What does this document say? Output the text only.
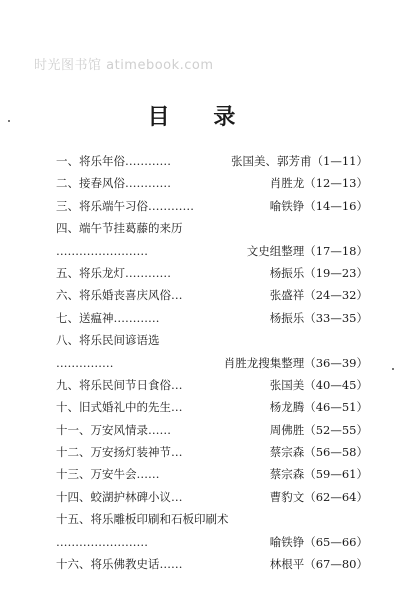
时光图书馆 atimebook.com
目 录
一、将乐年俗…………	张国美、郭芳甫（1—11）
二、接春风俗…………	肖胜龙（12—13）
三、将乐端午习俗…………	喻铁铮（14—16）
四、端午节挂葛藤的来历
……………………	文史组整理（17—18）
五、将乐龙灯…………	杨振乐（19—23）
六、将乐婚丧喜庆风俗…	张盛祥（24—32）
七、送瘟神…………	杨振乐（33—35）
八、将乐民间谚语选
……………	肖胜龙搜集整理（36—39）
九、将乐民间节日食俗…	张国美（40—45）
十、旧式婚礼中的先生…	杨龙腾（46—51）
十一、万安风情录……	周佛胜（52—55）
十二、万安扬灯装神节…	蔡宗森（56—58）
十三、万安牛会……	蔡宗森（59—61）
十四、蛟湖护林碑小议…	曹豹文（62—64）
十五、将乐雕板印刷和石板印刷术
……………………	喻铁铮（65—66）
十六、将乐佛教史话……	林根平（67—80）
